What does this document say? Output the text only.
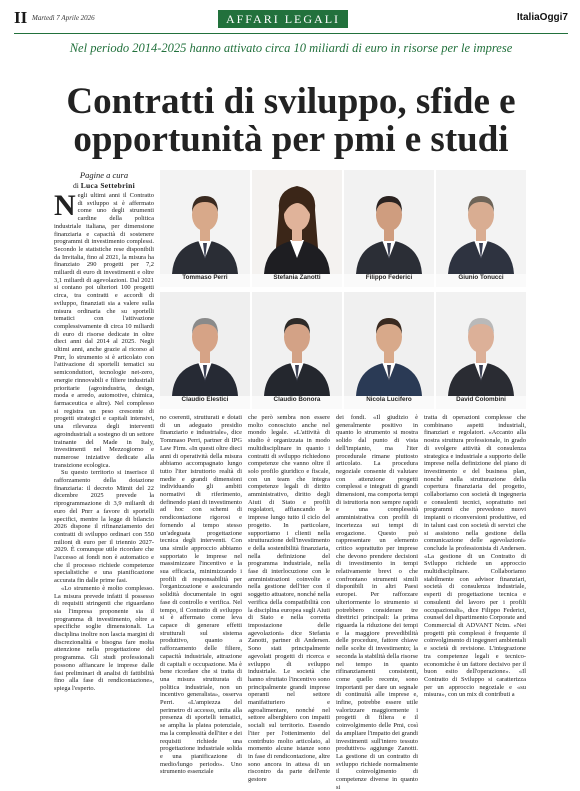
II Martedì 7 Aprile 2026	AFFARI LEGALI	ItaliaOggi7
Nel periodo 2014-2025 hanno attivato circa 10 miliardi di euro in risorse per le imprese
Contratti di sviluppo, sfide e opportunità per pmi e studi
Pagine a cura
di Luca Settebrini
N egli ultimi anni il Contratto di sviluppo si è affermato come uno degli strumenti cardine della politica industriale italiana, per dimensione finanziaria e capacità di sostenere programmi di investimento complessi. Secondo le statistiche rese disponibili da Invitalia, fino al 2021, la misura ha finanziato 290 progetti per 7,2 miliardi di euro di investimenti e oltre 3,1 miliardi di agevolazioni. Dal 2021 si contano poi ulteriori 100 progetti circa, tra contratti e accordi di sviluppo, finanziati sia a valere sulla misura ordinaria che su sportelli tematici con l'attivazione complessivamente di circa 10 miliardi di euro di risorse dedicate in oltre dieci anni dal 2014 al 2025. Negli ultimi anni, anche grazie al ricorso al Pnrr, lo strumento si è articolato con l'attivazione di sportelli tematici su semiconduttori, tecnologie net-zero, energie rinnovabili e filiere industriali prioritarie (agroindustria, design, moda e arredo, automotive, chimica, farmaceutica e altre). Nel complesso si registra un peso crescente di progetti strategici e capitali intensivi, una rilevanza degli interventi agroindustriali a sostegno di un settore trainante del Made in Italy, investimenti nel Mezzogiorno e numerose iniziative dedicate alla transizione ecologica.

Su questo territorio si inserisce il rafforzamento della dotazione finanziaria: il decreto Mimit del 22 dicembre 2025 prevede la riprogrammazione di 3,9 miliardi di euro del Pnrr a favore di sportelli specifici, mentre la legge di bilancio 2026 dispone il rifinanziamento dei contratti di sviluppo ordinari con 550 milioni di euro per il triennio 2027-2029. È comunque utile ricordare che l'accesso ai fondi non è automatico e che il processo richiede competenze specialistiche e una pianificazione accurata fin dalle prime fasi.

«Lo strumento è molto complesso. La misura prevede infatti il possesso di requisiti stringenti che riguardano sia l'impresa proponente sia il programma di investimento, oltre a specifiche soglie dimensionali. La disciplina inoltre non lascia margini di discrezionalità e bisogna fare molta attenzione nella progettazione del programma. Gli studi professionali possono affiancare le imprese dalle fasi preliminari di analisi di fattibilità fino alla fase di rendicontazione», spiega l'esperto.

Tommaso Perri	Stefania Zanotti	Filippo Federici	Giunio Tonucci
Claudio Elestici	Claudio Bonora	Nicola Lucifero	David Colombini
no coerenti, strutturati e dotati di un adeguato presidio finanziario e industriale», dice Tommaso Perri, partner di IPG Law Firm. «In questi oltre dieci anni di operatività della misura abbiamo accompagnato lungo tutto l'iter istruttorio realtà di medie e grandi dimensioni individuando gli ambiti normativi di riferimento, definendo piani di investimento ad hoc con schemi di rendicontazione rigorosi e fornendo al tempo stesso un'adeguata progettazione tecnica degli interventi. Con una simile approccio abbiamo supportato le imprese nel massimizzare l'incentivo e la sua efficacia, minimizzando i profili di responsabilità per l'organizzazione e assicurando solidità documentale in ogni fase di controllo e verifica. Nel tempo, il Contratto di sviluppo si è affermato come leva capace di generare effetti strutturali sul sistema produttivo, quanto a rafforzamento delle filiere, capacità industriale, attrazione di capitali e occupazione. Ma è bene ricordare che si tratta di una misura strutturata di politica industriale, non un incentivo generalista», osserva Perri. «L'ampiezza del perimetro di accesso, unita alla presenza di sportelli tematici, se amplia la platea potenziale, ma la complessità dell'iter e dei requisiti richiede una progettazione industriale solida e una pianificazione di medio/lungo periodo». Uno strumento essenziale
che però sembra non essere molto conosciuto anche nel mondo legale. «L'attività di studio è organizzata in modo multidisciplinare in quanto i contratti di sviluppo richiedono competenze che vanno oltre il solo profilo giuridico e fiscale, con un team che integra competenze legali di diritto amministrativo, diritto degli Aiuti di Stato e profili regolatori, affiancando le imprese lungo tutto il ciclo del progetto. In particolare, supportiamo i clienti nella strutturazione dell'investimento e della sostenibilità finanziaria, nella definizione del programma industriale, nella fase di interlocuzione con le amministrazioni coinvolte e nella gestione dell'iter con il soggetto attuatore, nonché nella verifica della compatibilità con la disciplina europea sugli Aiuti di Stato e nella corretta impostazione delle agevolazioni» dice Stefania Zanotti, partner di Andersen. Sono stati principalmente agevolati progetti di ricerca e sviluppo di sviluppo industriale. Le società che hanno sfruttato l'incentivo sono principalmente grandi imprese operanti nel settore manifatturiero e agroalimentare, nonché nel settore alberghiero con impatti sociali sul territorio. Essendo l'iter per l'ottenimento del contributo molto articolato, al momento alcune istanze sono in fase di rendicontazione, altre sono ancora in attesa di un riscontro da parte dell'ente gestore
dei fondi. «Il giudizio è generalmente positivo in quanto lo strumento si mostra solido dal punto di vista dell'impianto, ma l'iter procedurale rimane piuttosto articolato. La procedura negoziale consente di valutare con attenzione progetti complessi e integrati di grandi dimensioni, ma comporta tempi di istruttoria non sempre rapidi e una complessità amministrativa con profili di incertezza sui tempi di erogazione. Questo può rappresentare un elemento critico soprattutto per imprese che devono prendere decisioni di investimento in tempi relativamente brevi o che confrontano strumenti simili disponibili in altri Paesi europei. Per rafforzare ulteriormente lo strumento si potrebbero considerare tre direttrici principali: la prima riguarda la riduzione dei tempi e la maggiore prevedibilità delle procedure, fattore chiave nelle scelte di investimento; la seconda la stabilità della risorse nel tempo in quanto rifinanziamenti consistenti, come quello recente, sono importanti per dare un segnale di continuità alle imprese e, infine, potrebbe essere utile valorizzare maggiormente i progetti di filiera e il coinvolgimento delle Pmi, così da ampliare l'impatto dei grandi investimenti sull'intero tessuto produttivo» aggiunge Zanotti. La gestione di un contratto di sviluppo richiede normalmente il coinvolgimento di competenze diverse in quanto si
tratta di operazioni complesse che combinano aspetti industriali, finanziari e regolatori. «Accanto alla nostra struttura professionale, in grado di svolgere attività di consulenza strategica e industriale a supporto delle imprese nella definizione del piano di investimento e del business plan, nonché nella strutturazione della copertura finanziaria del progetto, collaboriamo con società di ingegneria e consulenti tecnici, soprattutto nei programmi che prevedono nuovi impianti o riconversioni produttive, ed in taluni casi con società di servizi che si assistono nella gestione della comunicazione delle agevolazioni» conclude la professionista di Andersen. «La gestione di un Contratto di Sviluppo richiede un approccio multidisciplinare. Collaboriamo stabilmente con advisor finanziari, società di consulenza industriale, esperti di progettazione tecnica e consulenti del lavoro per i profili occupazionali», dice Filippo Federici, counsel del dipartimento Corporate and Commercial di ADVANT Nctm. «Nei progetti più complessi è frequente il coinvolgimento di ingegneri ambientali e società di revisione. L'integrazione tra competenze legali e tecnico-economiche è un fattore decisivo per il buon esito dell'operazione». «Il Contratto di Sviluppo si caratterizza per un approccio negoziale e «su misura», con un mix di contributi a
